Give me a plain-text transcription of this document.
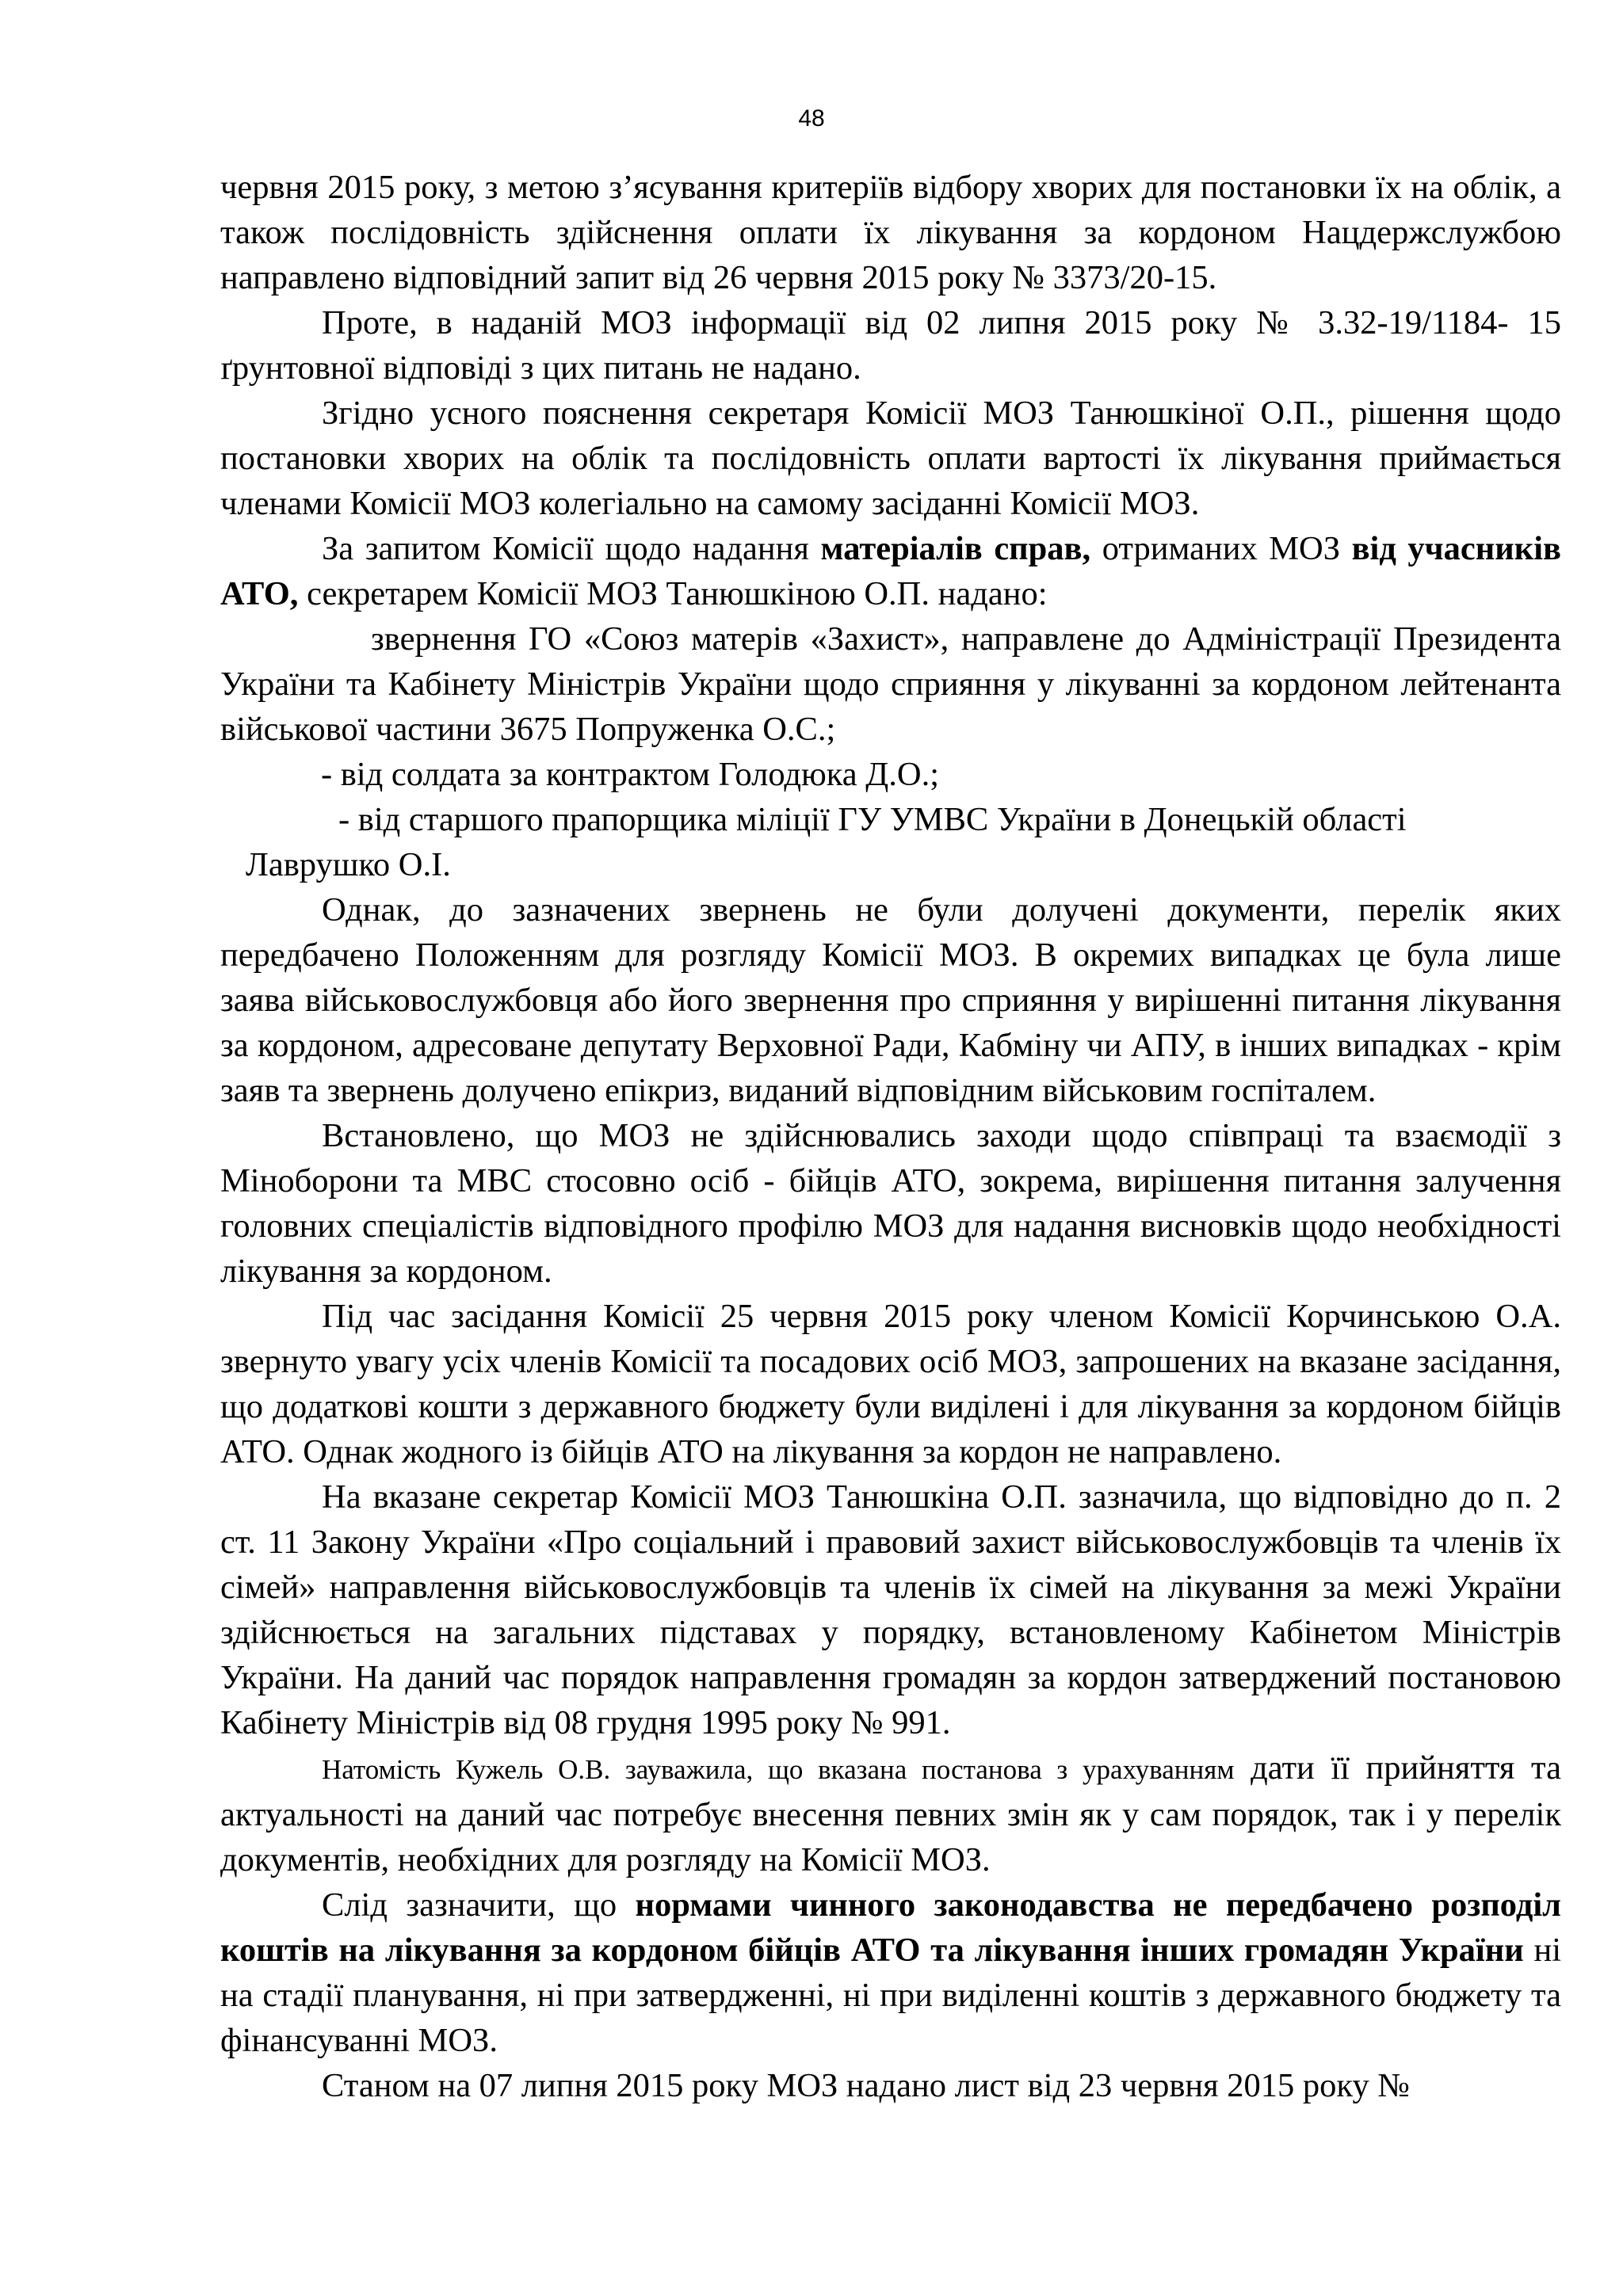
48

червня 2015 року, з метою з’ясування критеріїв відбору хворих для постановки їх на облік, а також послідовність здійснення оплати їх лікування за кордоном Нацдержслужбою направлено відповідний запит від 26 червня 2015 року № 3373/20-15.

Проте, в наданій МОЗ інформації від 02 липня 2015 року № 3.32-19/1184- 15 ґрунтовної відповіді з цих питань не надано.

Згідно усного пояснення секретаря Комісії МОЗ Танюшкіної О.П., рішення щодо постановки хворих на облік та послідовність оплати вартості їх лікування приймається членами Комісії МОЗ колегіально на самому засіданні Комісії МОЗ.

За запитом Комісії щодо надання матеріалів справ, отриманих МОЗ від учасників АТО, секретарем Комісії МОЗ Танюшкіною О.П. надано:

звернення ГО «Союз матерів «Захист», направлене до Адміністрації Президента України та Кабінету Міністрів України щодо сприяння у лікуванні за кордоном лейтенанта військової частини 3675 Попруженка О.С.;

- від солдата за контрактом Голодюка Д.О.;

- від старшого прапорщика міліції ГУ УМВС України в Донецькій області

Лаврушко О.І.

Однак, до зазначених звернень не були долучені документи, перелік яких передбачено Положенням для розгляду Комісії МОЗ. В окремих випадках це була лише заява військовослужбовця або його звернення про сприяння у вирішенні питання лікування за кордоном, адресоване депутату Верховної Ради, Кабміну чи АПУ, в інших випадках - крім заяв та звернень долучено епікриз, виданий відповідним військовим госпіталем.

Встановлено, що МОЗ не здійснювались заходи щодо співпраці та взаємодії з Міноборони та МВС стосовно осіб - бійців АТО, зокрема, вирішення питання залучення головних спеціалістів відповідного профілю МОЗ для надання висновків щодо необхідності лікування за кордоном.

Під час засідання Комісії 25 червня 2015 року членом Комісії Корчинською О.А. звернуто увагу усіх членів Комісії та посадових осіб МОЗ, запрошених на вказане засідання, що додаткові кошти з державного бюджету були виділені і для лікування за кордоном бійців АТО. Однак жодного із бійців АТО на лікування за кордон не направлено.

На вказане секретар Комісії МОЗ Танюшкіна О.П. зазначила, що відповідно до п. 2 ст. 11 Закону України «Про соціальний і правовий захист військовослужбовців та членів їх сімей» направлення військовослужбовців та членів їх сімей на лікування за межі України здійснюється на загальних підставах у порядку, встановленому Кабінетом Міністрів України. На даний час порядок направлення громадян за кордон затверджений постановою Кабінету Міністрів від 08 грудня 1995 року № 991.

Натомість Кужель О.В. зауважила, що вказана постанова з урахуванням дати її прийняття та актуальності на даний час потребує внесення певних змін як у сам порядок, так і у перелік документів, необхідних для розгляду на Комісії МОЗ.

Слід зазначити, що нормами чинного законодавства не передбачено розподіл коштів на лікування за кордоном бійців АТО та лікування інших громадян України ні на стадії планування, ні при затвердженні, ні при виділенні коштів з державного бюджету та фінансуванні МОЗ.

Станом на 07 липня 2015 року МОЗ надано лист від 23 червня 2015 року №
